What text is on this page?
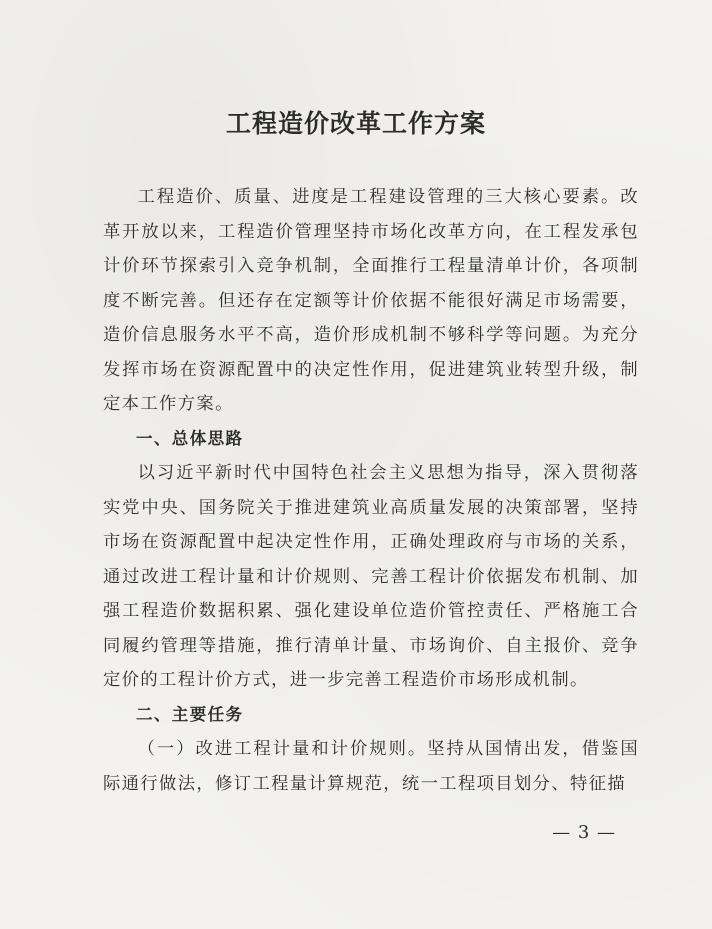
工程造价改革工作方案

工程造价、质量、进度是工程建设管理的三大核心要素。改革开放以来，工程造价管理坚持市场化改革方向，在工程发承包计价环节探索引入竞争机制，全面推行工程量清单计价，各项制度不断完善。但还存在定额等计价依据不能很好满足市场需要，造价信息服务水平不高，造价形成机制不够科学等问题。为充分发挥市场在资源配置中的决定性作用，促进建筑业转型升级，制定本工作方案。

一、总体思路

以习近平新时代中国特色社会主义思想为指导，深入贯彻落实党中央、国务院关于推进建筑业高质量发展的决策部署，坚持市场在资源配置中起决定性作用，正确处理政府与市场的关系，通过改进工程计量和计价规则、完善工程计价依据发布机制、加强工程造价数据积累、强化建设单位造价管控责任、严格施工合同履约管理等措施，推行清单计量、市场询价、自主报价、竞争定价的工程计价方式，进一步完善工程造价市场形成机制。

二、主要任务

（一）改进工程计量和计价规则。坚持从国情出发，借鉴国际通行做法，修订工程量计算规范，统一工程项目划分、特征描

— 3 —
